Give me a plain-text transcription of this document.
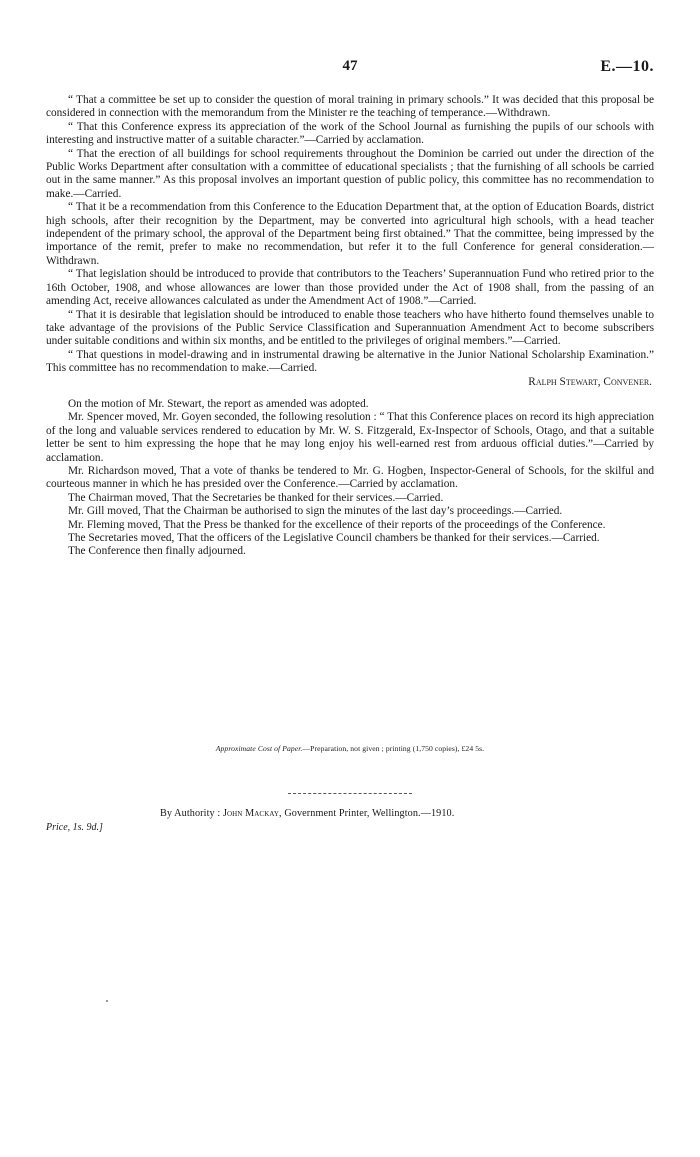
47	E.—10.

“ That a committee be set up to consider the question of moral training in primary schools.” It was decided that this proposal be considered in connection with the memorandum from the Minister re the teaching of temperance.—Withdrawn.

“ That this Conference express its appreciation of the work of the School Journal as furnishing the pupils of our schools with interesting and instructive matter of a suitable character.”—Carried by acclamation.

“ That the erection of all buildings for school requirements throughout the Dominion be carried out under the direction of the Public Works Department after consultation with a committee of educational specialists ; that the furnishing of all schools be carried out in the same manner.” As this proposal involves an important question of public policy, this committee has no recommendation to make.—Carried.

“ That it be a recommendation from this Conference to the Education Department that, at the option of Education Boards, district high schools, after their recognition by the Department, may be converted into agricultural high schools, with a head teacher independent of the primary school, the approval of the Department being first obtained.” That the committee, being impressed by the importance of the remit, prefer to make no recommendation, but refer it to the full Conference for general consideration.—Withdrawn.

“ That legislation should be introduced to provide that contributors to the Teachers’ Superannuation Fund who retired prior to the 16th October, 1908, and whose allowances are lower than those provided under the Act of 1908 shall, from the passing of an amending Act, receive allowances calculated as under the Amendment Act of 1908.”—Carried.

“ That it is desirable that legislation should be introduced to enable those teachers who have hitherto found themselves unable to take advantage of the provisions of the Public Service Classification and Superannuation Amendment Act to become subscribers under suitable conditions and within six months, and be entitled to the privileges of original members.”—Carried.

“ That questions in model-drawing and in instrumental drawing be alternative in the Junior National Scholarship Examination.” This committee has no recommendation to make.—Carried.

Ralph Stewart, Convener.

On the motion of Mr. Stewart, the report as amended was adopted.

Mr. Spencer moved, Mr. Goyen seconded, the following resolution : “ That this Conference places on record its high appreciation of the long and valuable services rendered to education by Mr. W. S. Fitzgerald, Ex-Inspector of Schools, Otago, and that a suitable letter be sent to him expressing the hope that he may long enjoy his well-earned rest from arduous official duties.”—Carried by acclamation.

Mr. Richardson moved, That a vote of thanks be tendered to Mr. G. Hogben, Inspector-General of Schools, for the skilful and courteous manner in which he has presided over the Conference.—Carried by acclamation.

The Chairman moved, That the Secretaries be thanked for their services.—Carried.

Mr. Gill moved, That the Chairman be authorised to sign the minutes of the last day’s proceedings.—Carried.

Mr. Fleming moved, That the Press be thanked for the excellence of their reports of the proceedings of the Conference.

The Secretaries moved, That the officers of the Legislative Council chambers be thanked for their services.—Carried.

The Conference then finally adjourned.

Approximate Cost of Paper.—Preparation, not given ; printing (1,750 copies), £24 5s.
By Authority : John Mackay, Government Printer, Wellington.—1910.
Price, 1s. 9d.]
